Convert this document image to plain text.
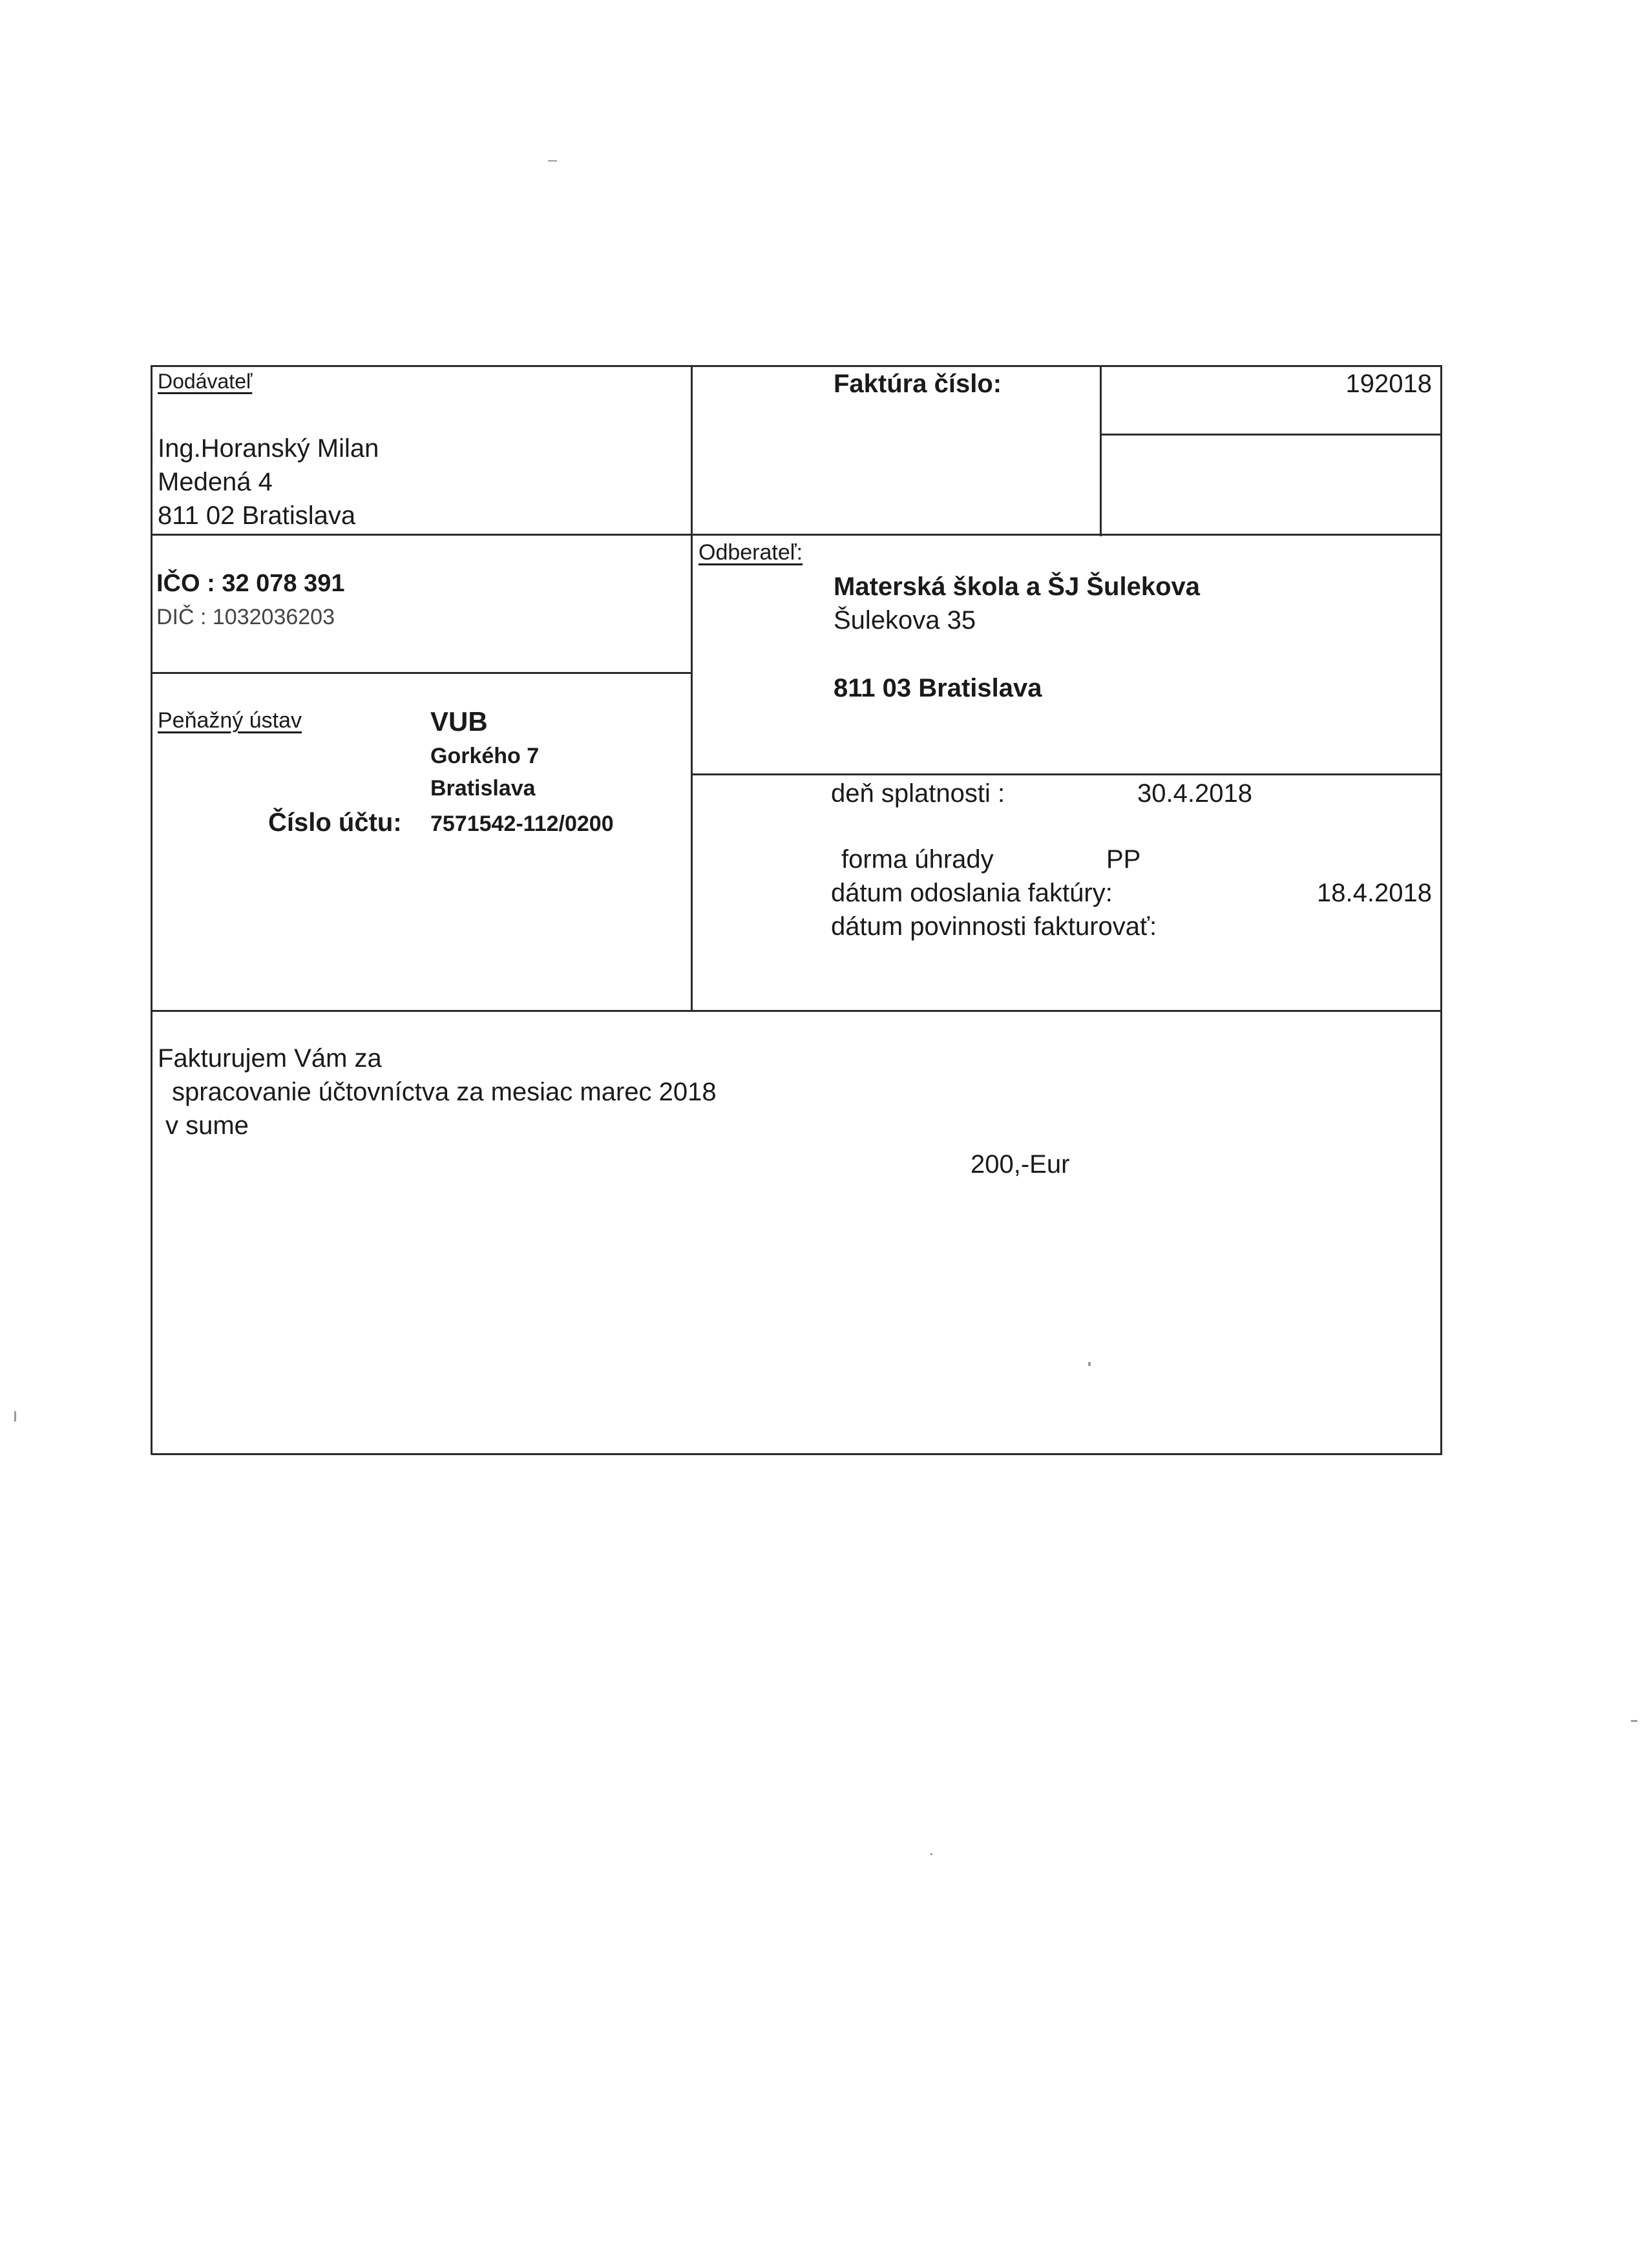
Dodávateľ
Ing.Horanský Milan
Medená 4
811 02 Bratislava
IČO : 32 078 391
DIČ : 1032036203
Peňažný ústav	VUB
Gorkého 7
Bratislava
Číslo účtu: 7571542-112/0200
Faktúra číslo:	192018
Odberateľ:
Materská škola a ŠJ Šulekova
Šulekova 35
811 03 Bratislava
deň splatnosti :	30.4.2018
forma úhrady	PP
dátum odoslania faktúry:	18.4.2018
dátum povinnosti fakturovať:
Fakturujem Vám za
spracovanie účtovníctva za mesiac marec 2018
v sume
200,-Eur
